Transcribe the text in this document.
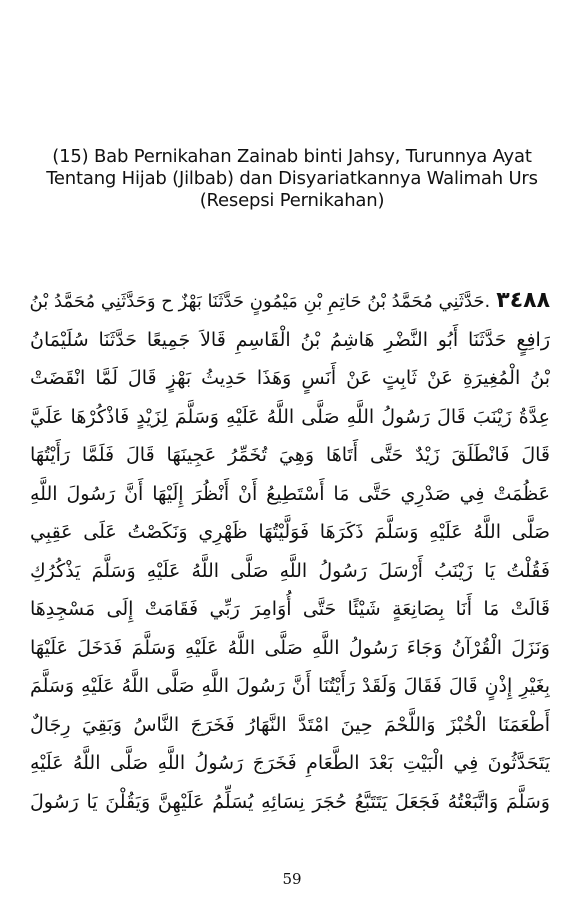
(15) Bab Pernikahan Zainab binti Jahsy, Turunnya Ayat
Tentang Hijab (Jilbab) dan Disyariatkannya Walimah Urs
(Resepsi Pernikahan)
٣٤٨٨.حَدَّثَنِي مُحَمَّدُ بْنُ حَاتِمِ بْنِ مَيْمُونٍ حَدَّثَنَا بَهْزٌ ح وَحَدَّثَنِي مُحَمَّدُ بْنُ
رَافِعٍ حَدَّثَنَا أَبُو النَّضْرِ هَاشِمُ بْنُ الْقَاسِمِ قَالاَ جَمِيعًا حَدَّثَنَا سُلَيْمَانُ
بْنُ الْمُغِيرَةِ عَنْ ثَابِتٍ عَنْ أَنَسٍ وَهَذَا حَدِيثُ بَهْزٍ قَالَ لَمَّا انْقَضَتْ
عِدَّةُ زَيْنَبَ قَالَ رَسُولُ اللَّهِ صَلَّى اللَّهُ عَلَيْهِ وَسَلَّمَ لِزَيْدٍ فَاذْكُرْهَا عَلَيَّ
قَالَ فَانْطَلَقَ زَيْدٌ حَتَّى أَتَاهَا وَهِيَ تُخَمِّرُ عَجِينَهَا قَالَ فَلَمَّا رَأَيْتُهَا
عَظُمَتْ فِي صَدْرِي حَتَّى مَا أَسْتَطِيعُ أَنْ أَنْظُرَ إِلَيْهَا أَنَّ رَسُولَ اللَّهِ
صَلَّى اللَّهُ عَلَيْهِ وَسَلَّمَ ذَكَرَهَا فَوَلَّيْتُهَا ظَهْرِي وَنَكَصْتُ عَلَى عَقِبِي
فَقُلْتُ يَا زَيْنَبُ أَرْسَلَ رَسُولُ اللَّهِ صَلَّى اللَّهُ عَلَيْهِ وَسَلَّمَ يَذْكُرُكِ
قَالَتْ مَا أَنَا بِصَانِعَةٍ شَيْئًا حَتَّى أُوَامِرَ رَبِّي فَقَامَتْ إِلَى مَسْجِدِهَا
وَنَزَلَ الْقُرْآنُ وَجَاءَ رَسُولُ اللَّهِ صَلَّى اللَّهُ عَلَيْهِ وَسَلَّمَ فَدَخَلَ عَلَيْهَا
بِغَيْرِ إِذْنٍ قَالَ فَقَالَ وَلَقَدْ رَأَيْتُنَا أَنَّ رَسُولَ اللَّهِ صَلَّى اللَّهُ عَلَيْهِ وَسَلَّمَ
أَطْعَمَنَا الْخُبْزَ وَاللَّحْمَ حِينَ امْتَدَّ النَّهَارُ فَخَرَجَ النَّاسُ وَبَقِيَ رِجَالٌ
يَتَحَدَّثُونَ فِي الْبَيْتِ بَعْدَ الطَّعَامِ فَخَرَجَ رَسُولُ اللَّهِ صَلَّى اللَّهُ عَلَيْهِ
وَسَلَّمَ وَاتَّبَعْتُهُ فَجَعَلَ يَتَتَبَّعُ حُجَرَ نِسَائِهِ يُسَلِّمُ عَلَيْهِنَّ وَيَقُلْنَ يَا رَسُولَ
59
